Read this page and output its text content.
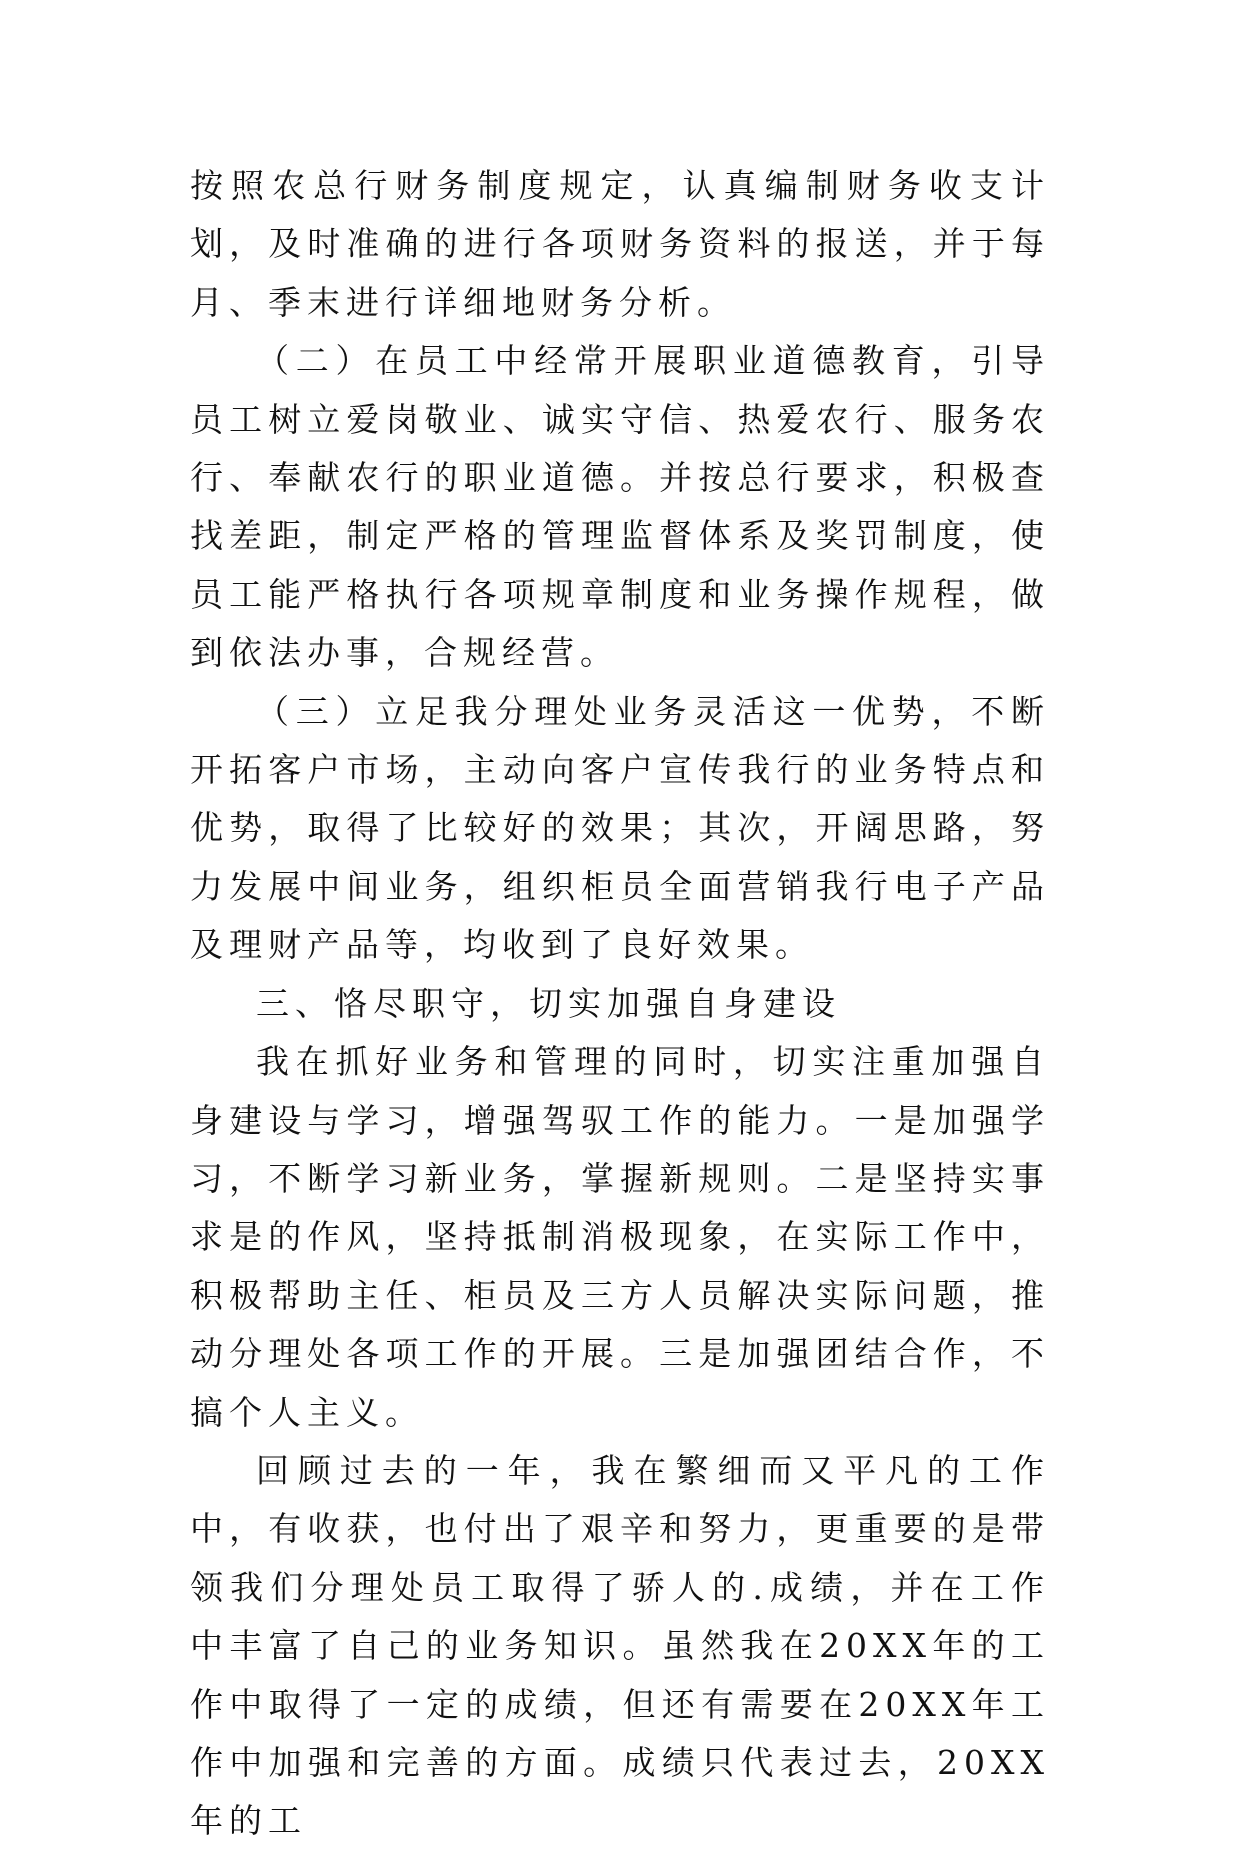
按照农总行财务制度规定，认真编制财务收支计划，及时准确的进行各项财务资料的报送，并于每月、季末进行详细地财务分析。

（二）在员工中经常开展职业道德教育，引导员工树立爱岗敬业、诚实守信、热爱农行、服务农行、奉献农行的职业道德。并按总行要求，积极查找差距，制定严格的管理监督体系及奖罚制度，使员工能严格执行各项规章制度和业务操作规程，做到依法办事，合规经营。

（三）立足我分理处业务灵活这一优势，不断开拓客户市场，主动向客户宣传我行的业务特点和优势，取得了比较好的效果；其次，开阔思路，努力发展中间业务，组织柜员全面营销我行电子产品及理财产品等，均收到了良好效果。

三、恪尽职守，切实加强自身建设

我在抓好业务和管理的同时，切实注重加强自身建设与学习，增强驾驭工作的能力。一是加强学习，不断学习新业务，掌握新规则。二是坚持实事求是的作风，坚持抵制消极现象，在实际工作中，积极帮助主任、柜员及三方人员解决实际问题，推动分理处各项工作的开展。三是加强团结合作，不搞个人主义。

回顾过去的一年，我在繁细而又平凡的工作中，有收获，也付出了艰辛和努力，更重要的是带领我们分理处员工取得了骄人的.成绩，并在工作中丰富了自己的业务知识。虽然我在20XX年的工作中取得了一定的成绩，但还有需要在20XX年工作中加强和完善的方面。成绩只代表过去，20XX年的工
